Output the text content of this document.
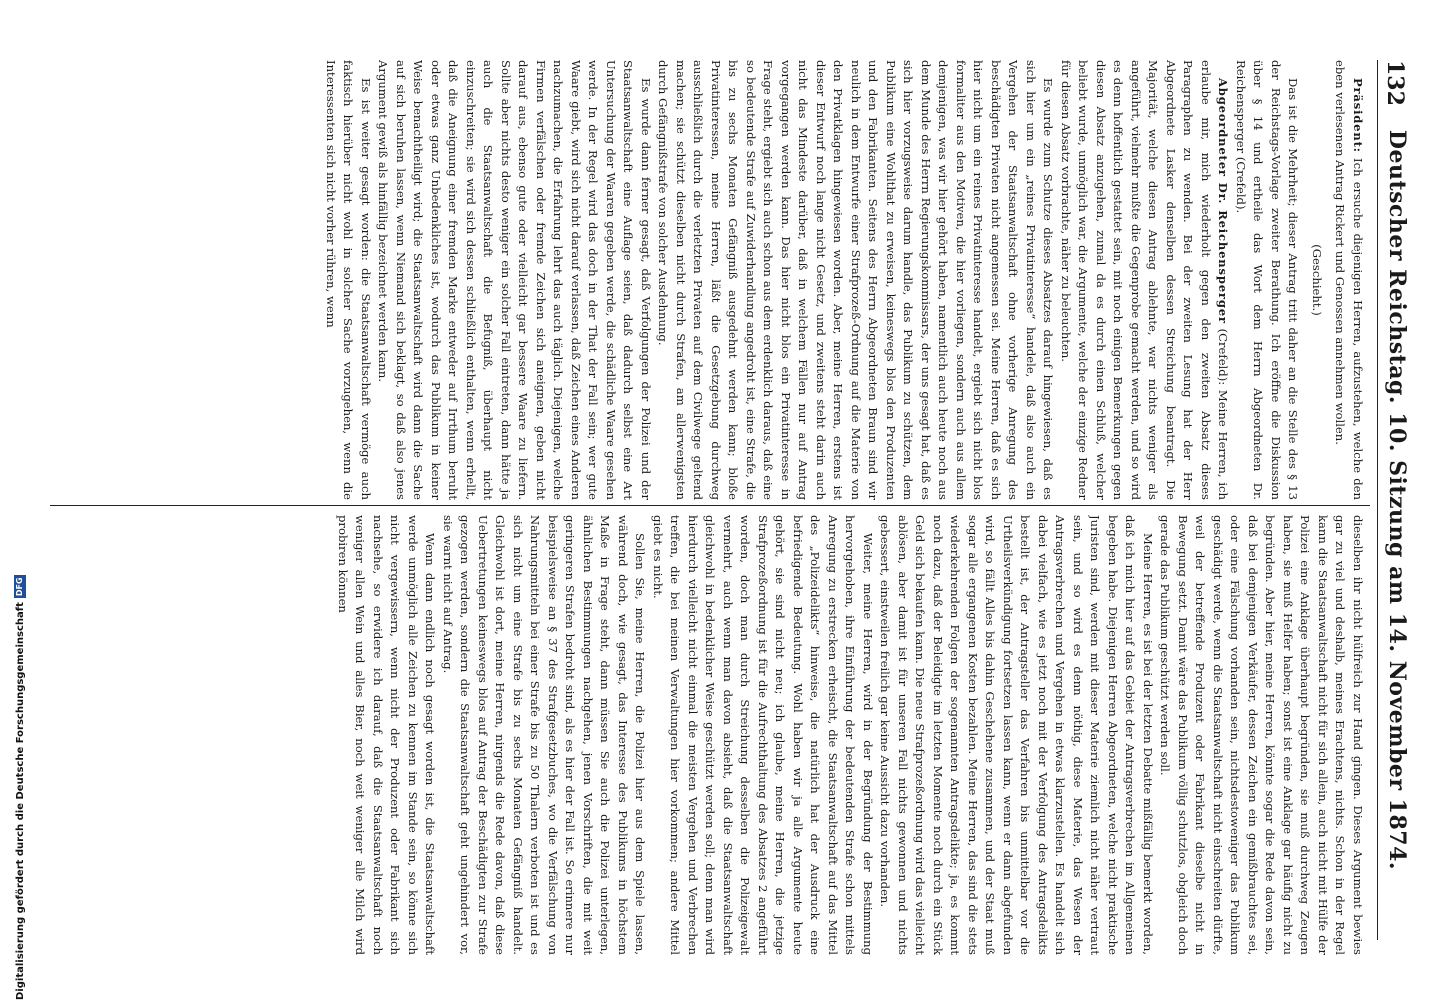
132
Deutscher Reichstag. 10. Sitzung am 14. November 1874.

Präsident: Ich ersuche diejenigen Herren, aufzustehen, welche den eben verlesenen Antrag Rickert und Genossen annehmen wollen.

(Geschieht.)

Das ist die Mehrheit; dieser Antrag tritt daher an die Stelle des § 13 der Reichstags-Vorlage zweiter Berathung. Ich eröffne die Diskussion über § 14 und ertheile das Wort dem Herrn Abgeordneten Dr. Reichensperger (Crefeld).

Abgeordneter Dr. Reichensperger (Crefeld): Meine Herren, ich erlaube mir, mich wiederholt gegen den zweiten Absatz dieses Paragraphen zu wenden. Bei der zweiten Lesung hat der Herr Abgeordnete Lasker denselben dessen Streichung beantragt. Die Majorität, welche diesen Antrag ablehnte, war nichts weniger als angeführt, vielmehr mußte die Gegenprobe gemacht werden, und so wird es denn hoffentlich gestattet sein, mit noch einigen Bemerkungen gegen diesen Absatz anzugehen, zumal da es durch einen Schluß, welcher beliebt wurde, unmöglich war, die Argumente, welche der einzige Redner für diesen Absatz vorbrachte, näher zu beleuchten.

Es wurde zum Schutze dieses Absatzes darauf hingewiesen, daß es sich hier um ein „reines Privatinteresse“ handele, daß also auch ein Vergehen der Staatsanwaltschaft ohne vorherige Anregung des beschädigten Privaten nicht angemessen sei. Meine Herren, daß es sich hier nicht um ein reines Privatinteresse handelt, ergiebt sich nicht blos formaliter aus den Motiven, die hier vorliegen, sondern auch aus allem demjenigen, was wir hier gehört haben, namentlich auch heute noch aus dem Munde des Herrn Regierungskommissars, der uns gesagt hat, daß es sich hier vorzugsweise darum handle, das Publikum zu schützen, dem Publikum eine Wohlthat zu erweisen, keineswegs blos den Produzenten und den Fabrikanten. Seitens des Herrn Abgeordneten Braun sind wir neulich in dem Entwurfe einer Strafprozeß-Ordnung auf die Materie von den Privatklagen hingewiesen worden. Aber, meine Herren, erstens ist dieser Entwurf noch lange nicht Gesetz, und zweitens steht darin auch nicht das Mindeste darüber, daß in welchem Fällen nur auf Antrag vorgegangen werden kann. Das hier nicht blos ein Privatinteresse in Frage steht, ergiebt sich auch schon aus dem erdenklich daraus, daß eine so bedeutende Strafe auf Zuwiderhandlung angedroht ist, eine Strafe, die bis zu sechs Monaten Gefängniß ausgedehnt werden kann; bloße Privatinteressen, meine Herren, läßt die Gesetzgebung durchweg ausschließlich durch die verletzten Privaten auf dem Civilwege geltend machen; sie schützt dieselben nicht durch Strafen, am allerwenigsten durch Gefängnißstrafe von solcher Ausdehnung.

Es wurde dann ferner gesagt, daß Verfolgungen der Polizei und der Staatsanwaltschaft eine Auflage seien, daß dadurch selbst eine Art Untersuchung der Waaren gegeben werde, die schädliche Waare gesehen werde. In der Regel wird das doch in der That der Fall sein; wer gute Waare giebt, wird sich nicht darauf verlassen, daß Zeichen eines Anderen nachzumachen, die Erfahrung lehrt das auch täglich. Diejenigen, welche Firmen verfälschen oder fremde Zeichen sich aneignen, geben nicht darauf aus, ebenso gute oder vielleicht gar bessere Waare zu liefern. Sollte aber nichts desto weniger ein solcher Fall eintreten, dann hätte ja auch die Staatsanwaltschaft die Befugniß, überhaupt nicht einzuschreiten; sie wird sich dessen schließlich enthalten, wenn erhellt, daß die Aneignung einer fremden Marke entweder auf Irrthum beruht oder etwas ganz Unbedenkliches ist, wodurch das Publikum in keiner Weise benachtheiligt wird; die Staatsanwaltschaft wird dann die Sache auf sich beruhen lassen, wenn Niemand sich beklagt, so daß also jenes Argument gewiß als hinfällig bezeichnet werden kann.

Es ist weiter gesagt worden: die Staatsanwaltschaft vermöge auch faktisch hierüber nicht wohl in solcher Sache vorzugehen, wenn die Interessenten sich nicht vorher rühren, wenn

dieselben ihr nicht hülfreich zur Hand gingen. Dieses Argument bewies gar zu viel und deshalb, meines Erachtens, nichts. Schon in der Regel kann die Staatsanwaltschaft nicht für sich allein, auch nicht mit Hülfe der Polizei eine Anklage überhaupt begründen, sie muß durchweg Zeugen haben, sie muß Helfer haben; sonst ist eine Anklage gar häufig nicht zu begründen. Aber hier, meine Herren, könnte sogar die Rede davon sein, daß bei demjenigen Verkäufer, dessen Zeichen ein gemißbrauchtes sei, oder eine Fälschung vorhanden sein, nichtsdestoweniger das Publikum geschädigt werde, wenn die Staatsanwaltschaft nicht einschreiten dürfte, weil der betreffende Produzent oder Fabrikant dieselbe nicht in Bewegung setzt. Damit wäre das Publikum völlig schutzlos, obgleich doch gerade das Publikum geschützt werden soll.

Meine Herren, es ist bei der letzten Debatte mißfällig bemerkt worden, daß ich mich hier auf das Gebiet der Antragsverbrechen im Allgemeinen begeben habe. Diejenigen Herren Abgeordneten, welche nicht praktische Juristen sind, werden mit dieser Materie ziemlich nicht näher vertraut sein, und so wird es denn nöthig, diese Materie, das Wesen der Antragsverbrechen und Vergehen in etwas klarzustellen. Es handelt sich dabei vielfach, wie es jetzt noch mit der Verfolgung des Antragsdelikts bestellt ist, der Antragsteller das Verfahren bis unmittelbar vor die Urtheilsverkündigung fortsetzen lassen kann, wenn er dann abgefunden wird, so fällt Alles bis dahin Geschehene zusammen, und der Staat muß sogar alle ergangenen Kosten bezahlen. Meine Herren, das sind die stets wiederkehrenden Folgen der sogenannten Antragsdelikte; ja, es kommt noch dazu, daß der Beleidigte im letzten Momente noch durch ein Stück Geld sich bekaufen kann. Die neue Strafprozeßordnung wird das vielleicht ablösen, aber damit ist für unseren Fall nichts gewonnen und nichts gebessert, einstweilen freilich gar keine Aussicht dazu vorhanden.

Weiter, meine Herren, wird in der Begründung der Bestimmung hervorgehoben, ihre Einführung der bedeutenden Strafe schon mittels Anregung zu erstrecken erheischt, die Staatsanwaltschaft auf das Mittel des „Polizeidelikts“ hinweise, die natürlich hat der Ausdruck eine befriedigende Bedeutung. Wohl haben wir ja alle Argumente heute gehört, sie sind nicht neu; ich glaube, meine Herren, die jetzige Strafprozeßordnung ist für die Aufrechthaltung des Absatzes 2 angeführt worden, doch man durch Streichung desselben die Polizeigewalt vermehrt, auch wenn man davon absieht, daß die Staatsanwaltschaft gleichwohl in bedenklicher Weise geschützt werden soll; denn man wird hierdurch vielleicht nicht einmal die meisten Vergehen und Verbrechen treffen, die bei meinen Verwaltungen hier vorkommen; andere Mittel giebt es nicht.

Sollen Sie, meine Herren, die Polizei hier aus dem Spiele lassen, während doch, wie gesagt, das Interesse des Publikums in höchstem Maße in Frage steht, dann müssen Sie auch die Polizei unterlegen, ähnlichen Bestimmungen nachgehen, jenen Vorschriften, die mit weit geringeren Strafen bedroht sind, als es hier der Fall ist. So erinnere nur beispielsweise an § 37 des Strafgesetzbuches, wo die Verfälschung von Nahrungsmitteln bei einer Strafe bis zu 50 Thalern verboten ist und es sich nicht um eine Strafe bis zu sechs Monaten Gefängniß handelt. Gleichwohl ist dort, meine Herren, nirgends die Rede davon, daß diese Uebertretungen keineswegs blos auf Antrag der Beschädigten zur Strafe gezogen werden, sondern die Staatsanwaltschaft geht ungehindert vor, sie warnt nicht auf Antrag.

Wenn dann endlich noch gesagt worden ist, die Staatsanwaltschaft werde unmöglich alle Zeichen zu kennen im Stande sein, so könne sich nicht vergewissern, wenn nicht der Produzent oder Fabrikant sich nachsehe, so erwidere ich darauf, daß die Staatsanwaltschaft noch weniger allen Wein und alles Bier, noch weit weniger alle Milch wird probiren können

Digitalisierung gefördert durch die Deutsche ForschungsgemeinschaftDFG
